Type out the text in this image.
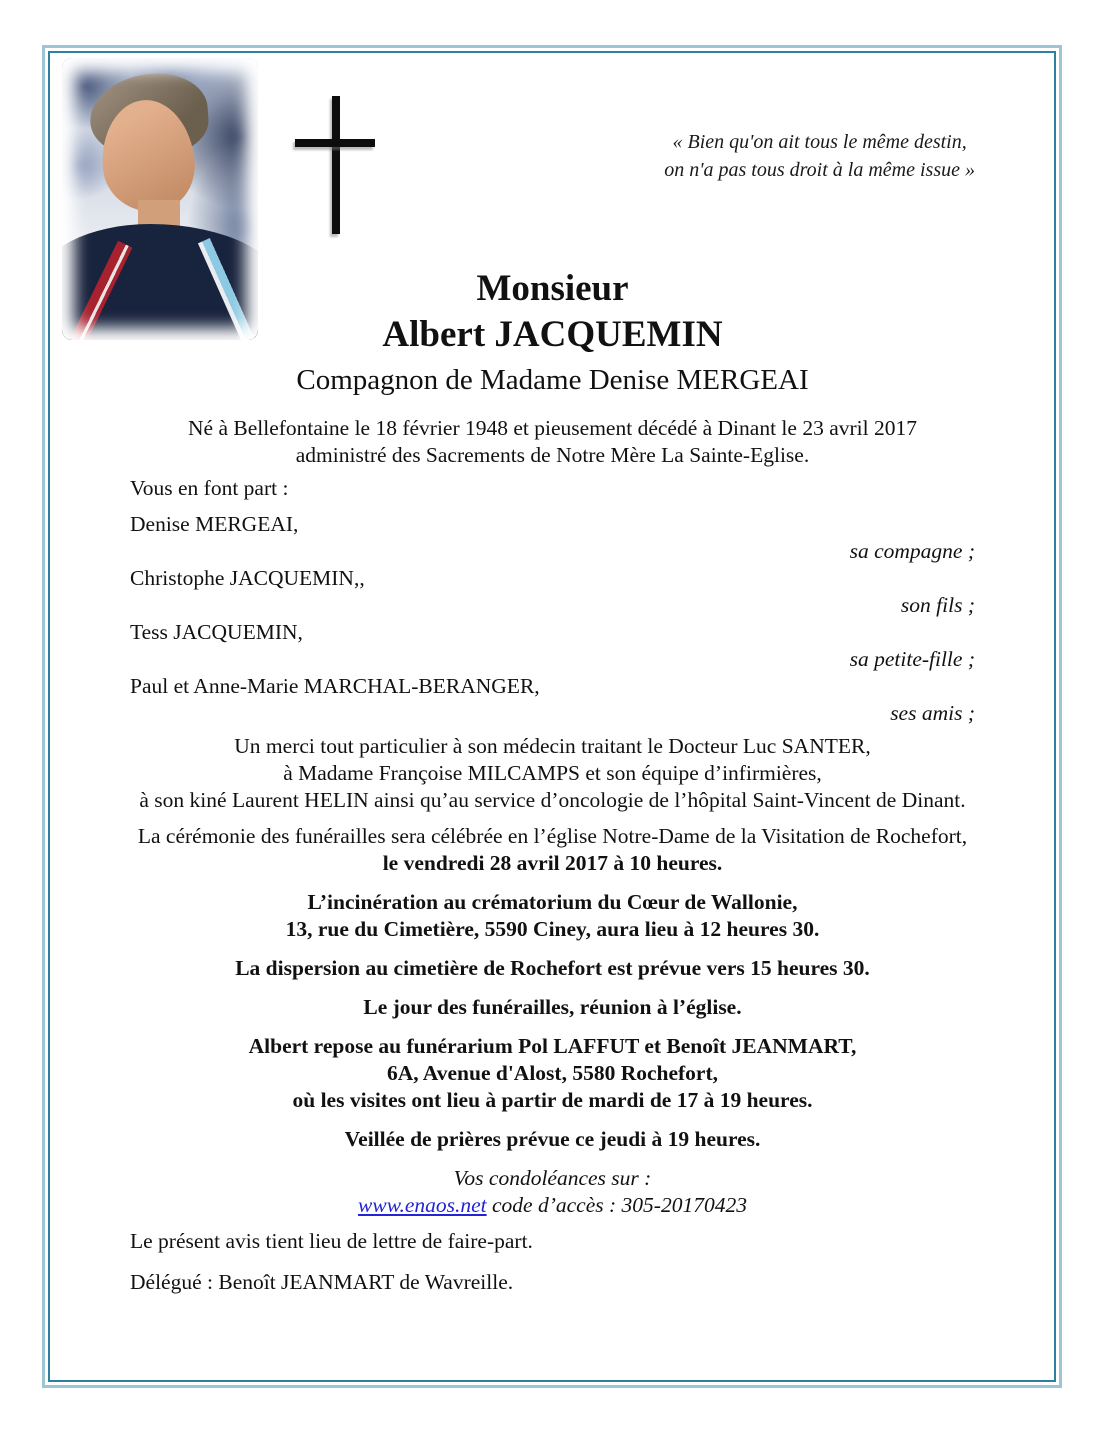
« Bien qu'on ait tous le même destin,
on n'a pas tous droit à la même issue »
Monsieur
Albert JACQUEMIN
Compagnon de Madame Denise MERGEAI

Né à Bellefontaine le 18 février 1948 et pieusement décédé à Dinant le 23 avril 2017

administré des Sacrements de Notre Mère La Sainte-Eglise.

Vous en font part :

Denise MERGEAI,

sa compagne ;

Christophe JACQUEMIN,,

son fils ;

Tess JACQUEMIN,

sa petite-fille ;

Paul et Anne-Marie MARCHAL-BERANGER,

ses amis ;

Un merci tout particulier à son médecin traitant le Docteur Luc SANTER,

à Madame Françoise MILCAMPS et son équipe d’infirmières,

à son kiné Laurent HELIN ainsi qu’au service d’oncologie de l’hôpital Saint-Vincent de Dinant.

La cérémonie des funérailles sera célébrée en l’église Notre-Dame de la Visitation de Rochefort,

le vendredi 28 avril 2017 à 10 heures.

L’incinération au crématorium du Cœur de Wallonie,

13, rue du Cimetière, 5590 Ciney, aura lieu à 12 heures 30.

La dispersion au cimetière de Rochefort est prévue vers 15 heures 30.

Le jour des funérailles, réunion à l’église.

Albert repose au funérarium Pol LAFFUT et Benoît JEANMART,

6A, Avenue d'Alost, 5580 Rochefort,

où les visites ont lieu à partir de mardi de 17 à 19 heures.

Veillée de prières prévue ce jeudi à 19 heures.

Vos condoléances sur :

www.enaos.net code d’accès : 305-20170423

Le présent avis tient lieu de lettre de faire-part.

Délégué : Benoît JEANMART de Wavreille.
